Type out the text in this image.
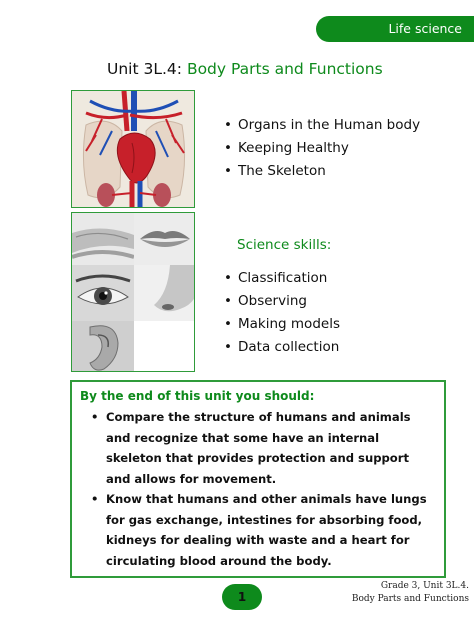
Life science
Unit 3L.4: Body Parts and Functions
• Organs in the Human body
• Keeping Healthy
• The Skeleton
Science skills:
• Classification
• Observing
• Making models
• Data collection
By the end of this unit you should:
• Compare the structure of humans and animals and recognize that some have an internal skeleton that provides protection and support and allows for movement.
• Know that humans and other animals have lungs for gas exchange, intestines for absorbing food, kidneys for dealing with waste and a heart for circulating blood around the body.
1
Grade 3, Unit 3L.4.
Body Parts and Functions
